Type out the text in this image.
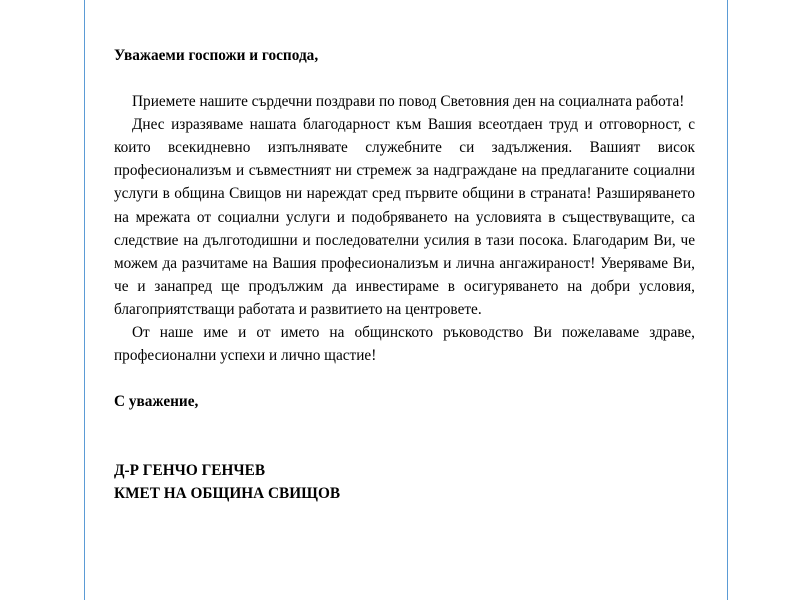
Уважаеми госпожи и господа,

Приемете нашите сърдечни поздрави по повод Световния ден на социалната работа!

Днес изразяваме нашата благодарност към Вашия всеотдаен труд и отговорност, с които всекидневно изпълнявате служебните си задължения. Вашият висок професионализъм и съвместният ни стремеж за надграждане на предлаганите социални услуги в община Свищов ни нареждат сред първите общини в страната! Разширяването на мрежата от социални услуги и подобряването на условията в съществуващите, са следствие на дълготодишни и последователни усилия в тази посока. Благодарим Ви, че можем да разчитаме на Вашия професионализъм и лична ангажираност! Уверяваме Ви, че и занапред ще продължим да инвестираме в осигуряването на добри условия, благоприятстващи работата и развитието на центровете.

От наше име и от името на общинското ръководство Ви пожелаваме здраве, професионални успехи и лично щастие!

С уважение,

Д-Р ГЕНЧО ГЕНЧЕВ

КМЕТ НА ОБЩИНА СВИЩОВ
